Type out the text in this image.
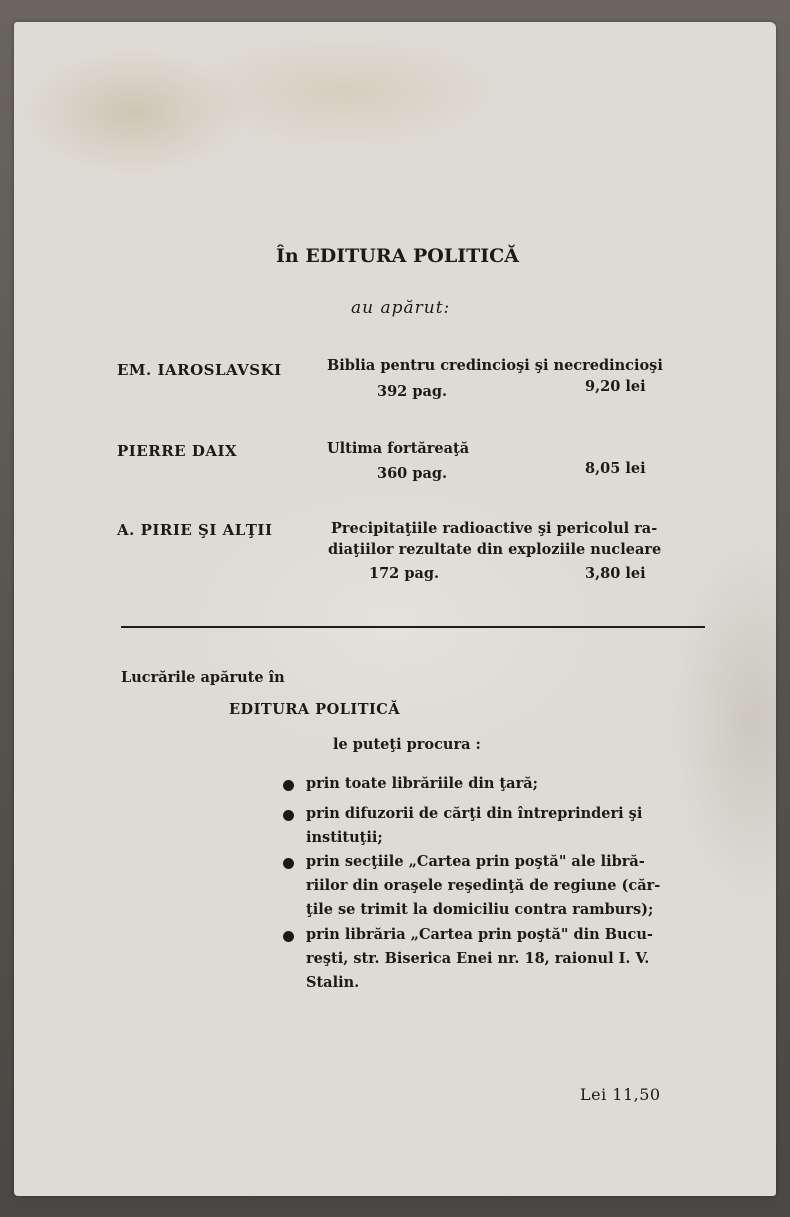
În EDITURA POLITICĂ
au apărut:
EM. IAROSLAVSKI	Biblia pentru credincioşi şi necredincioşi
392 pag.	9,20 lei
PIERRE DAIX	Ultima fortăreaţă
360 pag.	8,05 lei
A. PIRIE ŞI ALŢII	Precipitaţiile radioactive şi pericolul ra-
diaţiilor rezultate din exploziile nucleare
172 pag.	3,80 lei
Lucrările apărute în
EDITURA POLITICĂ
le puteţi procura :
prin toate librăriile din ţară;
prin difuzorii de cărţi din întreprinderi şi
instituţii;
prin secţiile „Cartea prin poştă" ale libră-
riilor din oraşele reşedinţă de regiune (căr-
ţile se trimit la domiciliu contra ramburs);
prin librăria „Cartea prin poştă" din Bucu-
reşti, str. Biserica Enei nr. 18, raionul I. V.
Stalin.
Lei 11,50
